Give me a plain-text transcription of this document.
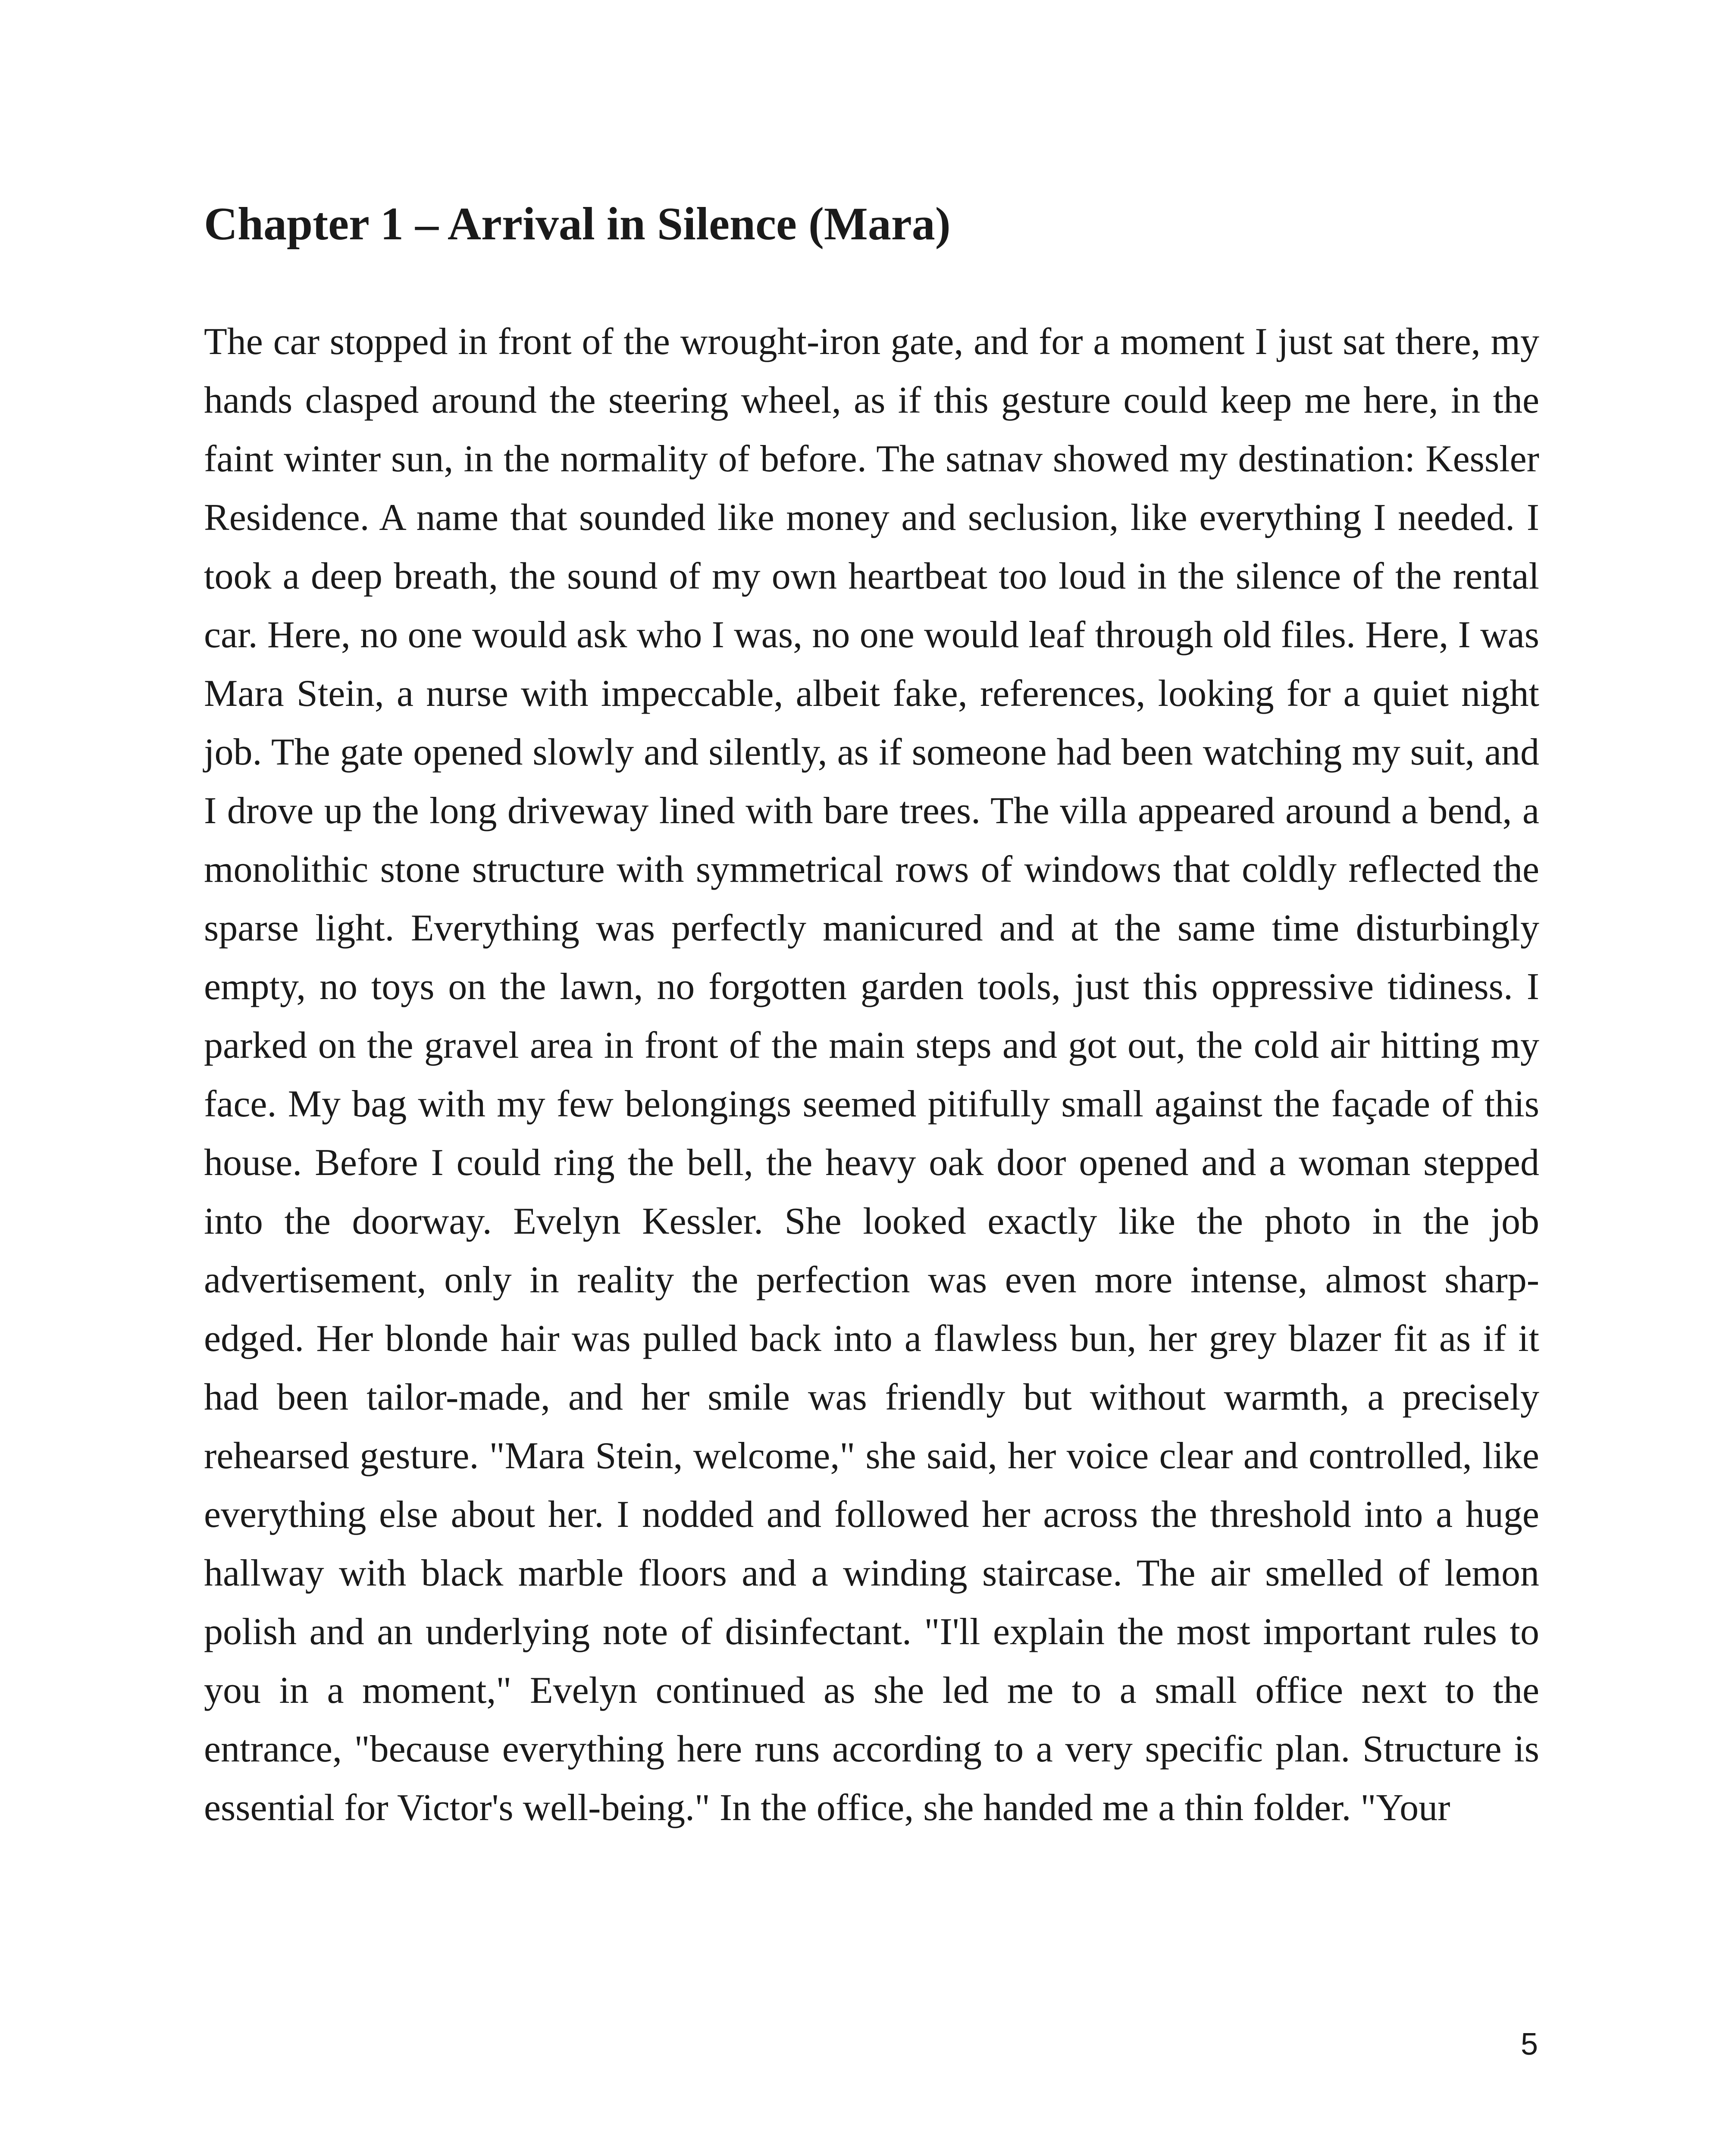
Chapter 1 – Arrival in Silence (Mara)

The car stopped in front of the wrought-iron gate, and for a moment I just sat there, my hands clasped around the steering wheel, as if this gesture could keep me here, in the faint winter sun, in the normality of before. The satnav showed my destination: Kessler Residence. A name that sounded like money and seclusion, like everything I needed. I took a deep breath, the sound of my own heartbeat too loud in the silence of the rental car. Here, no one would ask who I was, no one would leaf through old files. Here, I was Mara Stein, a nurse with impeccable, albeit fake, references, looking for a quiet night job. The gate opened slowly and silently, as if someone had been watching my suit, and I drove up the long driveway lined with bare trees. The villa appeared around a bend, a monolithic stone structure with symmetrical rows of windows that coldly reflected the sparse light. Everything was perfectly manicured and at the same time disturbingly empty, no toys on the lawn, no forgotten garden tools, just this oppressive tidiness. I parked on the gravel area in front of the main steps and got out, the cold air hitting my face. My bag with my few belongings seemed pitifully small against the façade of this house. Before I could ring the bell, the heavy oak door opened and a woman stepped into the doorway. Evelyn Kessler. She looked exactly like the photo in the job advertisement, only in reality the perfection was even more intense, almost sharp-edged. Her blonde hair was pulled back into a flawless bun, her grey blazer fit as if it had been tailor-made, and her smile was friendly but without warmth, a precisely rehearsed gesture. "Mara Stein, welcome," she said, her voice clear and controlled, like everything else about her. I nodded and followed her across the threshold into a huge hallway with black marble floors and a winding staircase. The air smelled of lemon polish and an underlying note of disinfectant. "I'll explain the most important rules to you in a moment," Evelyn continued as she led me to a small office next to the entrance, "because everything here runs according to a very specific plan. Structure is essential for Victor's well-being." In the office, she handed me a thin folder. "Your

5
